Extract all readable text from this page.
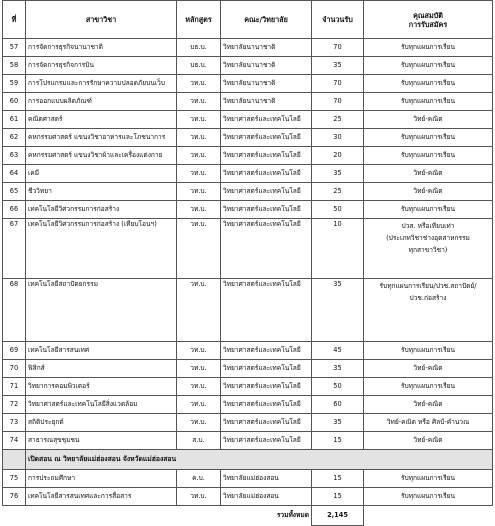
ที่	สาขาวิชา	หลักสูตร	คณะ/วิทยาลัย	จำนวนรับ	คุณสมบัติ
การรับสมัคร

57	การจัดการธุรกิจนานาชาติ	บธ.บ.	วิทยาลัยนานาชาติ	70	รับทุกแผนการเรียน

58	การจัดการธุรกิจการบิน	บธ.บ.	วิทยาลัยนานาชาติ	35	รับทุกแผนการเรียน

59	การโปรแกรมและการรักษาความปลอดภัยบนเว็บ	วท.บ.	วิทยาลัยนานาชาติ	70	รับทุกแผนการเรียน

60	การออกแบบผลิตภัณฑ์	วท.บ.	วิทยาลัยนานาชาติ	70	รับทุกแผนการเรียน

61	คณิตศาสตร์	วท.บ.	วิทยาศาสตร์และเทคโนโลยี	25	วิทย์-คณิต

62	คหกรรมศาสตร์ แขนงวิชาอาหารและโภชนาการ	วท.บ.	วิทยาศาสตร์และเทคโนโลยี	30	รับทุกแผนการเรียน

63	คหกรรมศาสตร์ แขนงวิชาผ้าและเครื่องแต่งกาย	วท.บ.	วิทยาศาสตร์และเทคโนโลยี	20	รับทุกแผนการเรียน

64	เคมี	วท.บ.	วิทยาศาสตร์และเทคโนโลยี	35	วิทย์-คณิต

65	ชีววิทยา	วท.บ.	วิทยาศาสตร์และเทคโนโลยี	25	วิทย์-คณิต

66	เทคโนโลยีวิศวกรรมการก่อสร้าง	วท.บ.	วิทยาศาสตร์และเทคโนโลยี	50	รับทุกแผนการเรียน

67	เทคโนโลยีวิศวกรรมการก่อสร้าง (เทียบโอนฯ)	วท.บ.	วิทยาศาสตร์และเทคโนโลยี	10	ปวส. หรือเทียบเท่า
(ประเภทวิชาช่างอุตสาหกรรม
ทุกสาขาวิชา)

68	เทคโนโลยีสถาปัตยกรรม	วท.บ.	วิทยาศาสตร์และเทคโนโลยี	35	รับทุกแผนการเรียน/ปวช.สถาปัตย์/
ปวช.ก่อสร้าง

69	เทคโนโลยีสารสนเทศ	วท.บ.	วิทยาศาสตร์และเทคโนโลยี	45	รับทุกแผนการเรียน

70	ฟิสิกส์	วท.บ.	วิทยาศาสตร์และเทคโนโลยี	35	วิทย์-คณิต

71	วิทยาการคอมพิวเตอร์	วท.บ.	วิทยาศาสตร์และเทคโนโลยี	50	รับทุกแผนการเรียน

72	วิทยาศาสตร์และเทคโนโลยีสิ่งแวดล้อม	วท.บ.	วิทยาศาสตร์และเทคโนโลยี	60	วิทย์-คณิต

73	สถิติประยุกต์	วท.บ.	วิทยาศาสตร์และเทคโนโลยี	35	วิทย์-คณิต หรือ ศิลป์-คำนวณ

74	สาธารณสุขชุมชน	ส.บ.	วิทยาศาสตร์และเทคโนโลยี	15	วิทย์-คณิต

	เปิดสอน ณ วิทยาลัยแม่ฮ่องสอน จังหวัดแม่ฮ่องสอน				
75	การประถมศึกษา	ค.บ.	วิทยาลัยแม่ฮ่องสอน	15	รับทุกแผนการเรียน

76	เทคโนโลยีสารสนเทศและการสื่อสาร	วท.บ.	วิทยาลัยแม่ฮ่องสอน	15	รับทุกแผนการเรียน

รวมทั้งหมด				2,145	
